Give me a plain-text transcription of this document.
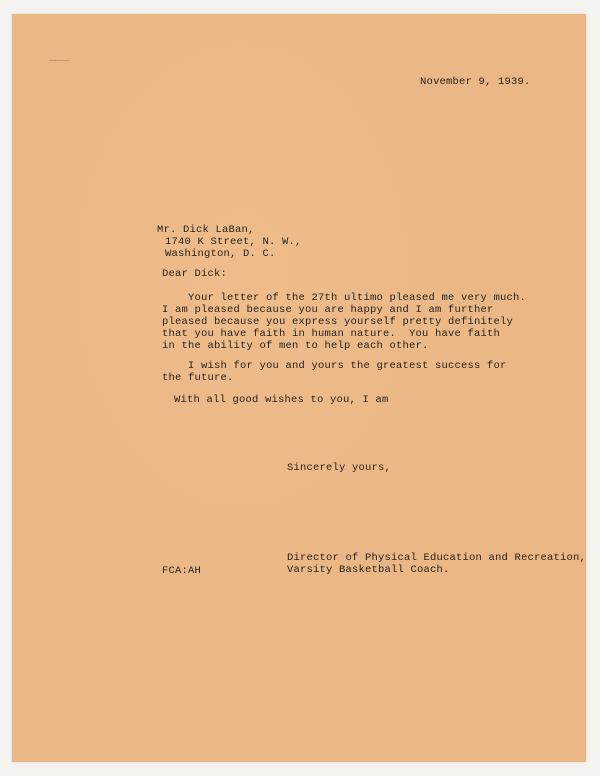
November 9, 1939.
Mr. Dick LaBan,
1740 K Street, N. W.,
Washington, D. C.
Dear Dick:
Your letter of the 27th ultimo pleased me very much.
I am pleased because you are happy and I am further
pleased because you express yourself pretty definitely
that you have faith in human nature.  You have faith
in the ability of men to help each other.
I wish for you and yours the greatest success for
the future.
With all good wishes to you, I am
Sincerely yours,
Director of Physical Education and Recreation,
Varsity Basketball Coach.
FCA:AH
